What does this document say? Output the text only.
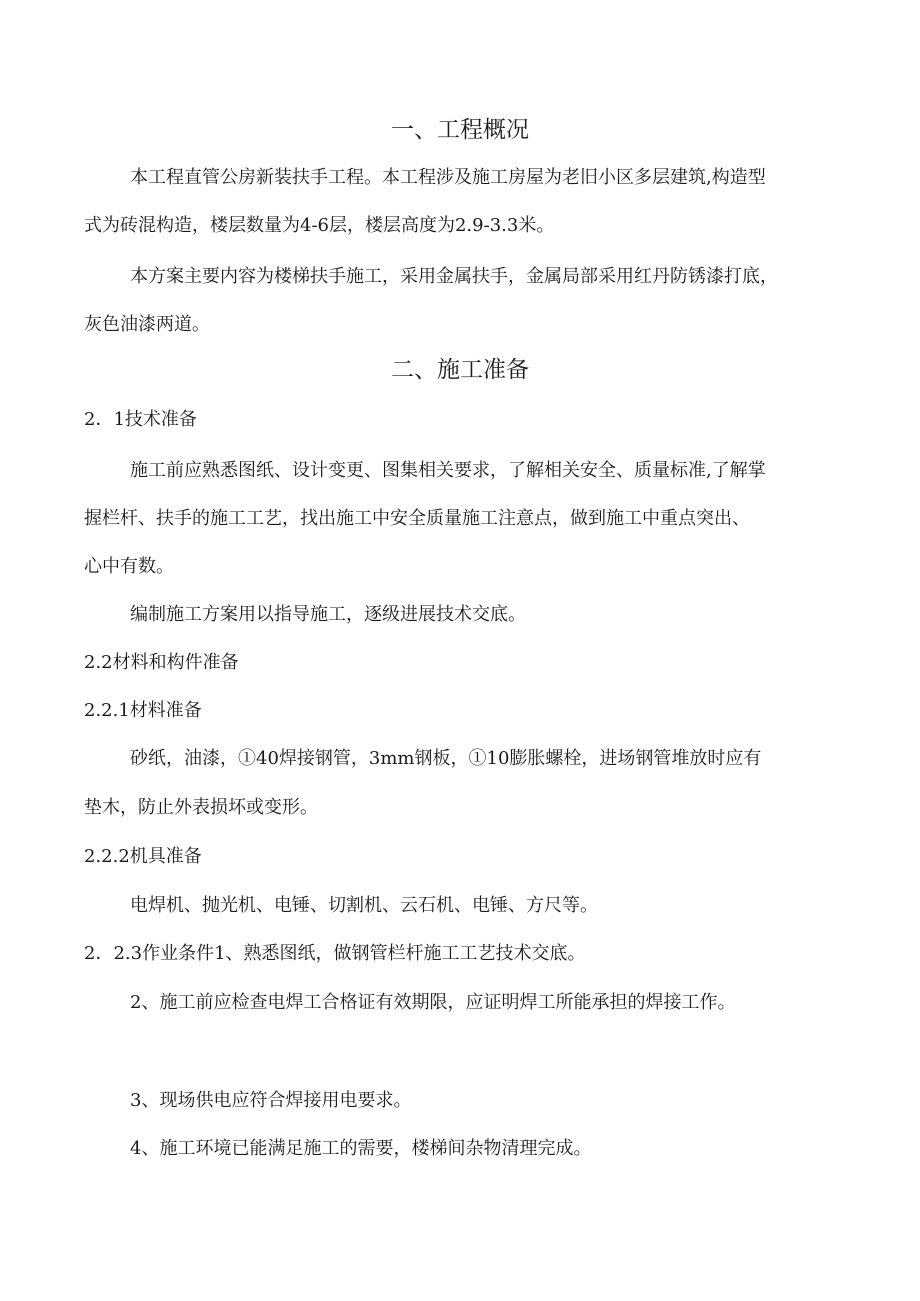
一、工程概况
本工程直管公房新装扶手工程。本工程涉及施工房屋为老旧小区多层建筑,构造型
式为砖混构造，楼层数量为4-6层，楼层高度为2.9-3.3米。
本方案主要内容为楼梯扶手施工，采用金属扶手，金属局部采用红丹防锈漆打底，
灰色油漆两道。
二、施工准备
2．1技术准备
施工前应熟悉图纸、设计变更、图集相关要求，了解相关安全、质量标准,了解掌
握栏杆、扶手的施工工艺，找出施工中安全质量施工注意点，做到施工中重点突出、
心中有数。
编制施工方案用以指导施工，逐级进展技术交底。
2.2材料和构件准备
2.2.1材料准备
砂纸，油漆，①40焊接钢管，3mm钢板，①10膨胀螺栓，进场钢管堆放时应有
垫木，防止外表损坏或变形。
2.2.2机具准备
电焊机、抛光机、电锤、切割机、云石机、电锤、方尺等。
2．2.3作业条件1、熟悉图纸，做钢管栏杆施工工艺技术交底。
2、施工前应检查电焊工合格证有效期限，应证明焊工所能承担的焊接工作。
3、现场供电应符合焊接用电要求。
4、施工环境已能满足施工的需要，楼梯间杂物清理完成。
